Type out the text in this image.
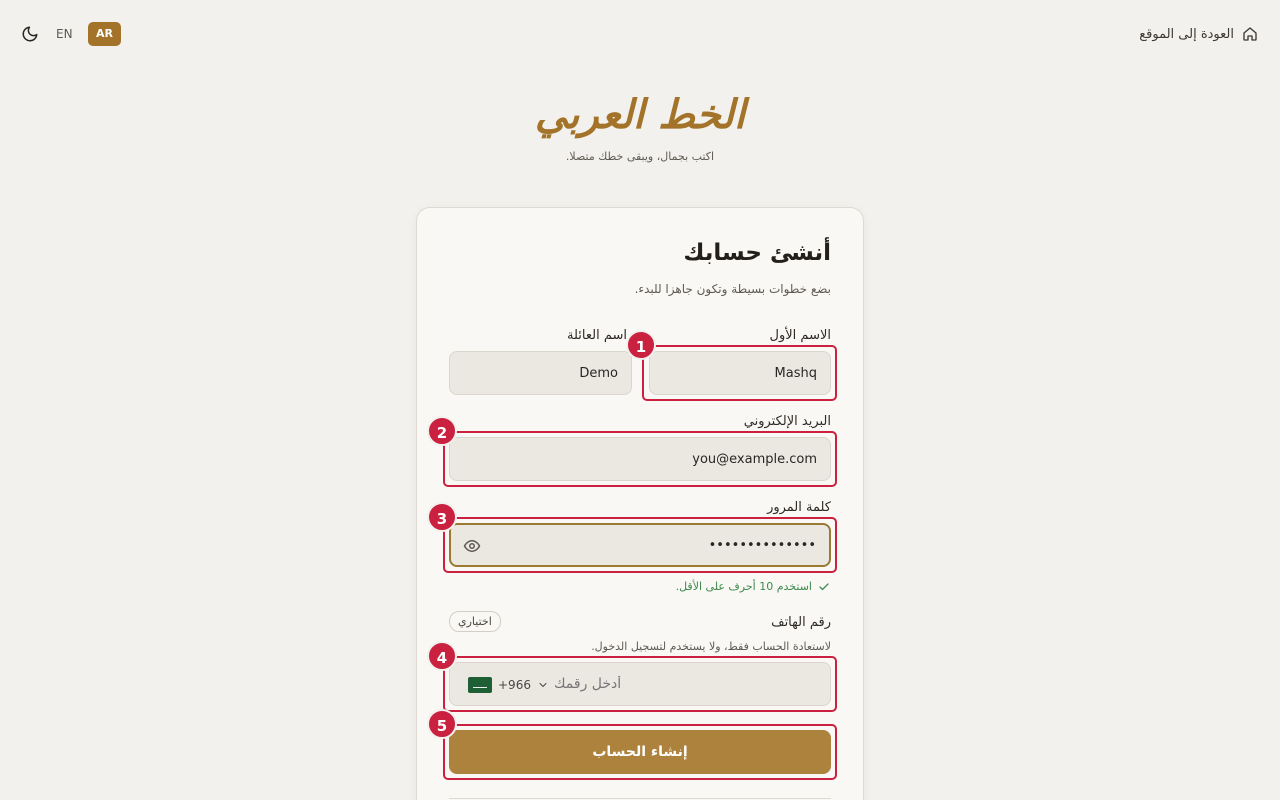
EN	AR	العودة إلى الموقع
الخط العربي
اكتب بجمال، ويبقى خطك متصلا.
أنشئ حسابك
بضع خطوات بسيطة وتكون جاهزا للبدء.
الاسم الأول
Mashq
اسم العائلة
Demo
البريد الإلكتروني
you@example.com
كلمة المرور
••••••••••••••
استخدم 10 أحرف على الأقل.
رقم الهاتف
اختياري
لاستعادة الحساب فقط، ولا يستخدم لتسجيل الدخول.
+966
أدخل رقمك
إنشاء الحساب
1
2
3
4
5
